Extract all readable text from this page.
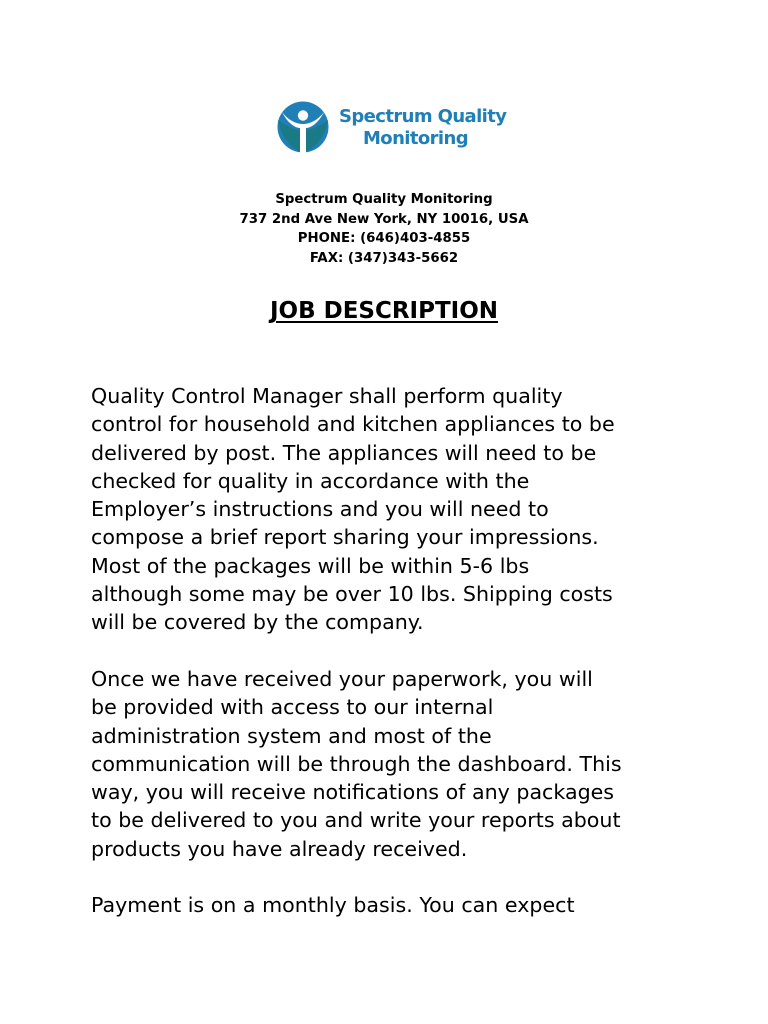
Spectrum Quality
Monitoring
Spectrum Quality Monitoring
737 2nd Ave New York, NY 10016, USA
PHONE: (646)403-4855
FAX: (347)343-5662
JOB DESCRIPTION
Quality Control Manager shall perform quality
control for household and kitchen appliances to be
delivered by post. The appliances will need to be
checked for quality in accordance with the
Employer’s instructions and you will need to
compose a brief report sharing your impressions.
Most of the packages will be within 5-6 lbs
although some may be over 10 lbs. Shipping costs
will be covered by the company.
Once we have received your paperwork, you will
be provided with access to our internal
administration system and most of the
communication will be through the dashboard. This
way, you will receive notifications of any packages
to be delivered to you and write your reports about
products you have already received.
Payment is on a monthly basis. You can expect
